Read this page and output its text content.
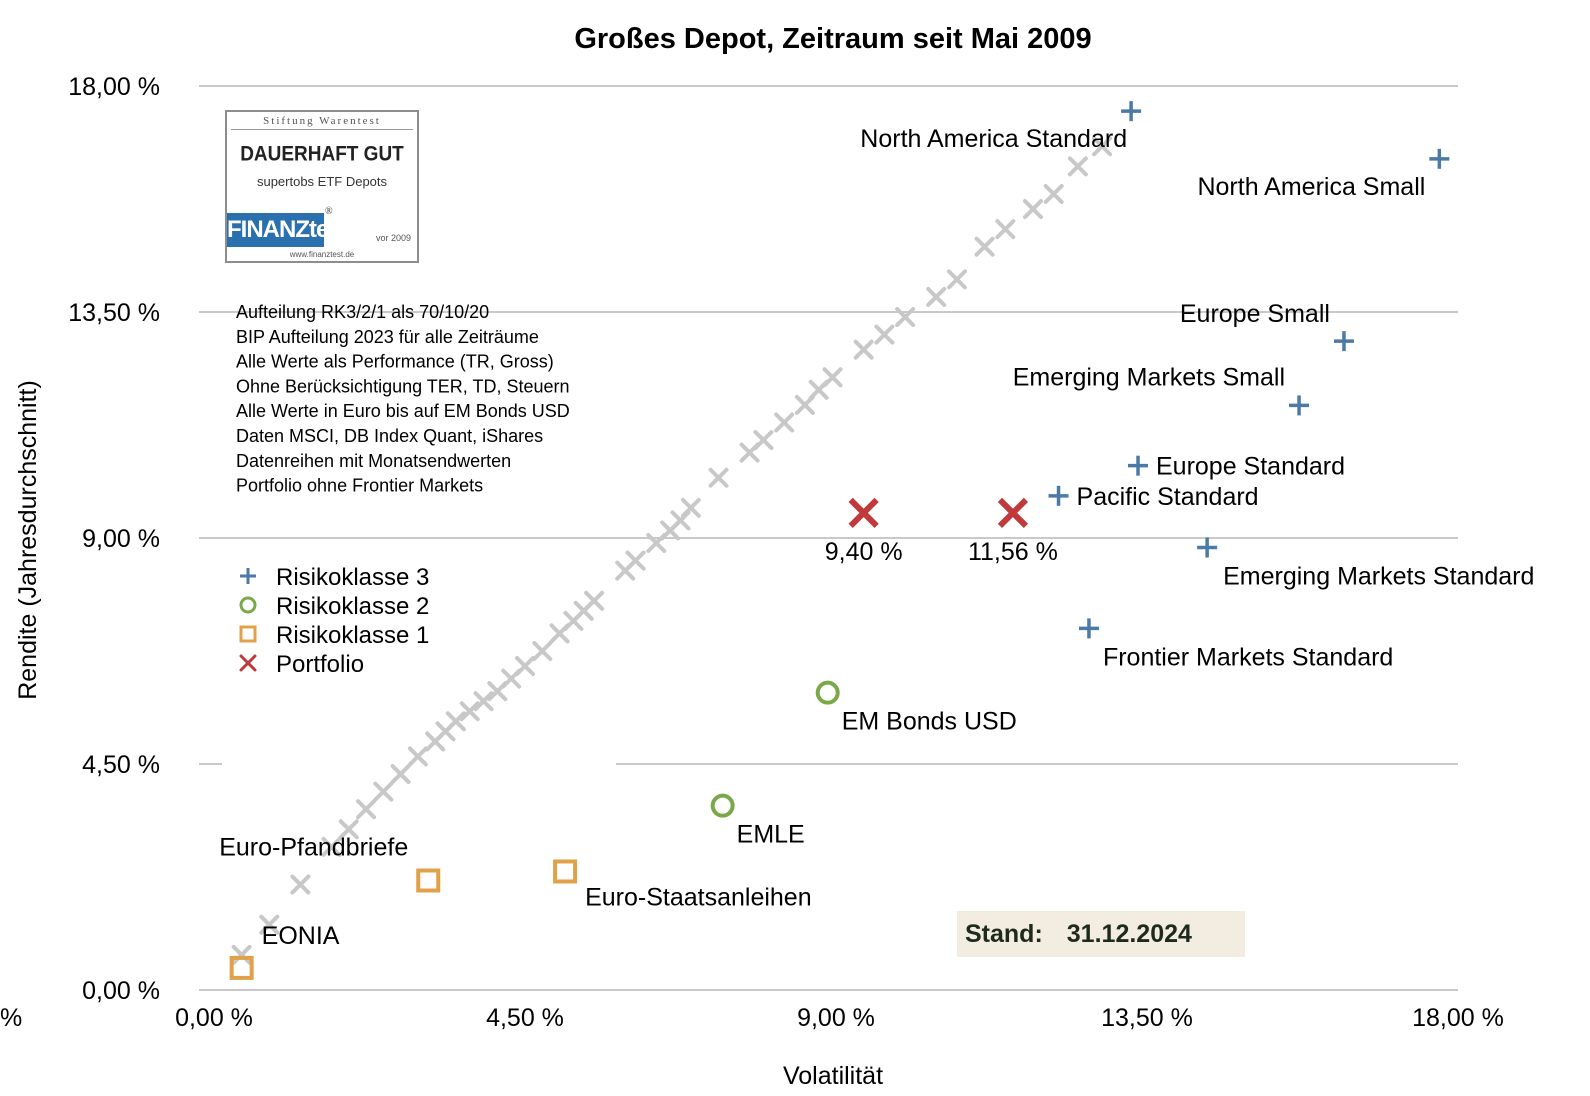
Großes Depot, Zeitraum seit Mai 2009
Aufteilung RK3/2/1 als 70/10/20
BIP Aufteilung 2023 für alle Zeiträume
Alle Werte als Performance (TR, Gross)
Ohne Berücksichtigung TER, TD, Steuern
Alle Werte in Euro bis auf EM Bonds USD
Daten MSCI, DB Index Quant, iShares
Datenreihen mit Monatsendwerten
Portfolio ohne Frontier Markets
North America Standard
North America Small
Europe Small
Emerging Markets Small
Europe Standard
Pacific Standard
Emerging Markets Standard
Frontier Markets Standard
EM Bonds USD
EMLE
Euro-Pfandbriefe
Euro-Staatsanleihen
EONIA
9,40 %	11,56 %
0,00 %
4,50 %
9,00 %
13,50 %
18,00 %
0,00 %	4,50 %	9,00 %	13,50 %	18,00 %
%
Volatilität
Rendite (Jahresdurchschnitt)	Risikoklasse 3
Risikoklasse 2
Risikoklasse 1
Portfolio
Stiftung Warentest
DAUERHAFT GUT
supertobs ETF Depots
FINANZtest
®
vor 2009
www.finanztest.de
Stand: 31.12.2024
